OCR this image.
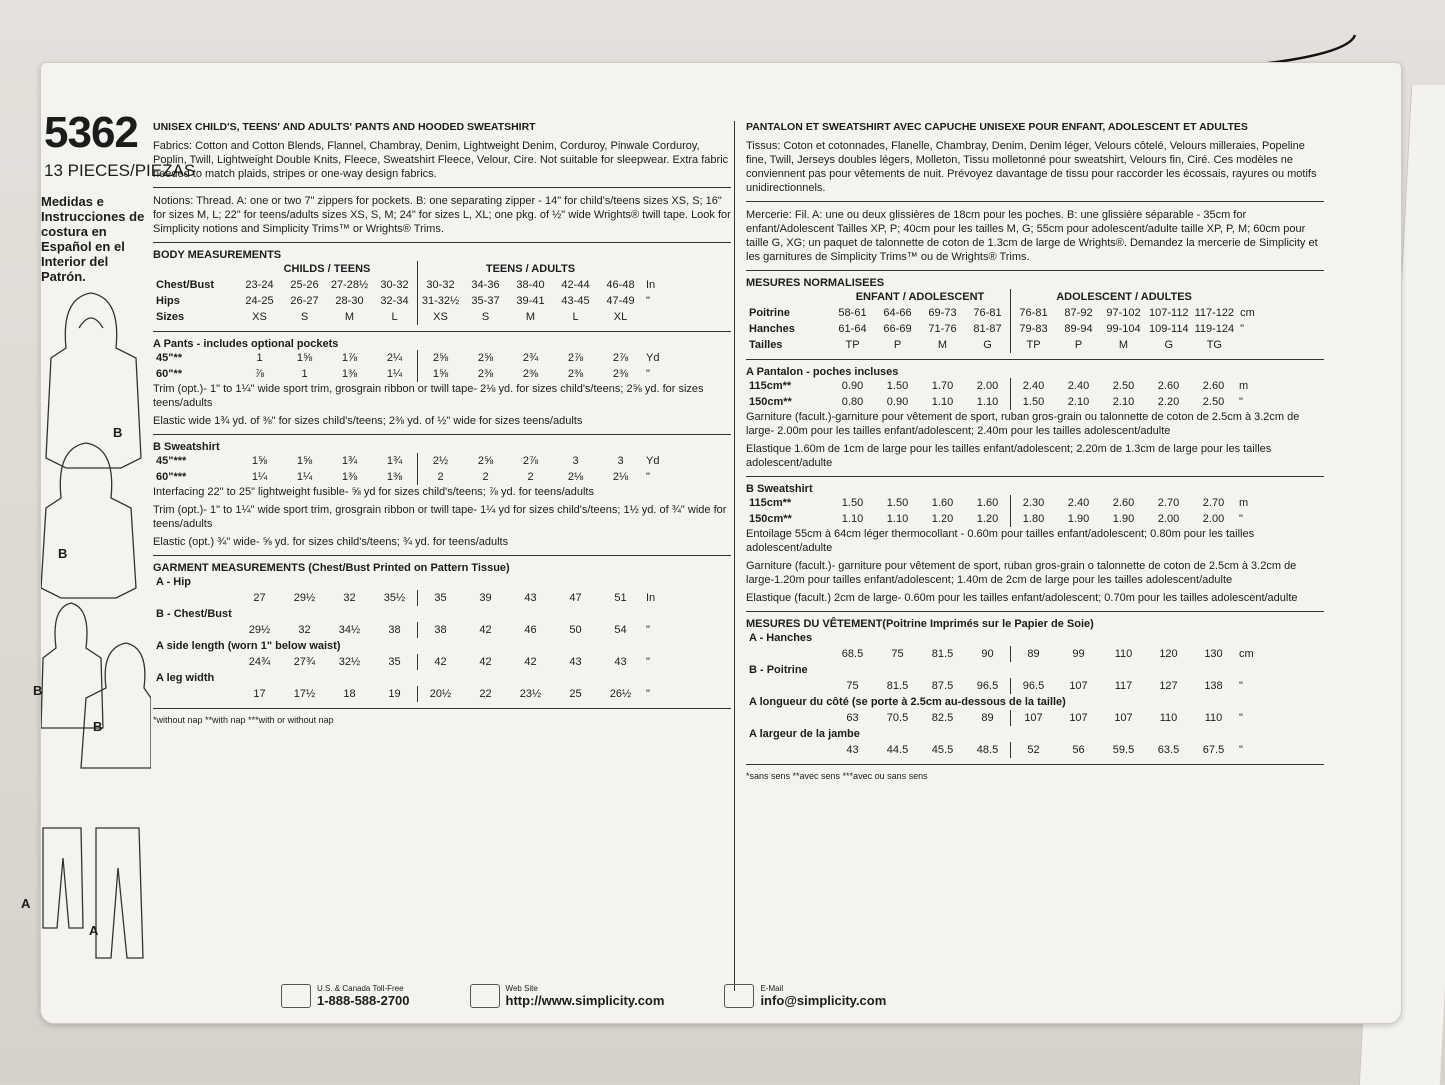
5362
13 PIECES/PIEZAS
Medidas e Instrucciones de costura en Español en el Interior del Patrón.
B
B
B
B
A
A
UNISEX CHILD'S, TEENS' AND ADULTS' PANTS AND HOODED SWEATSHIRT

Fabrics: Cotton and Cotton Blends, Flannel, Chambray, Denim, Lightweight Denim, Corduroy, Pinwale Corduroy, Poplin, Twill, Lightweight Double Knits, Fleece, Sweatshirt Fleece, Velour, Cire. Not suitable for sleepwear. Extra fabric needed to match plaids, stripes or one-way design fabrics.

Notions: Thread. A: one or two 7" zippers for pockets. B: one separating zipper - 14" for child's/teens sizes XS, S; 16" for sizes M, L; 22" for teens/adults sizes XS, S, M; 24" for sizes L, XL; one pkg. of ½" wide Wrights® twill tape. Look for Simplicity notions and Simplicity Trims™ or Wrights® Trims.

BODY MEASUREMENTS
	CHILDS / TEENS				TEENS / ADULTS					
Chest/Bust	23-24	25-26	27-28½	30-32	30-32	34-36	38-40	42-44	46-48	In
Hips	24-25	26-27	28-30	32-34	31-32½	35-37	39-41	43-45	47-49	"
Sizes	XS	S	M	L	XS	S	M	L	XL	
A Pants - includes optional pockets
45"**	1	1⅝	1⅞	2¼	2⅝	2⅝	2¾	2⅞	2⅞	Yd
60"**	⅞	1	1⅜	1¼	1⅝	2⅜	2⅜	2⅜	2⅜	"

Trim (opt.)- 1" to 1¼" wide sport trim, grosgrain ribbon or twill tape- 2⅛ yd. for sizes child's/teens; 2⅝ yd. for sizes teens/adults

Elastic wide 1¾ yd. of ⅜" for sizes child's/teens; 2⅜ yd. of ½" wide for sizes teens/adults

B Sweatshirt
45"***	1⅝	1⅝	1¾	1¾	2½	2⅝	2⅞	3	3	Yd
60"***	1¼	1¼	1⅜	1⅜	2	2	2	2⅛	2⅛	"

Interfacing 22" to 25" lightweight fusible- ⅝ yd for sizes child's/teens; ⅞ yd. for teens/adults

Trim (opt.)- 1" to 1¼" wide sport trim, grosgrain ribbon or twill tape- 1¼ yd for sizes child's/teens; 1½ yd. of ¾" wide for teens/adults

Elastic (opt.) ¾" wide- ⅝ yd. for sizes child's/teens; ¾ yd. for teens/adults

GARMENT MEASUREMENTS (Chest/Bust Printed on Pattern Tissue)
A - Hip										
	27	29½	32	35½	35	39	43	47	51	In
B - Chest/Bust										
	29½	32	34½	38	38	42	46	50	54	"
A side length (worn 1" below waist)										
	24¾	27¾	32½	35	42	42	42	43	43	"
A leg width										
	17	17½	18	19	20½	22	23½	25	26½	"
*without nap **with nap ***with or without nap
PANTALON ET SWEATSHIRT AVEC CAPUCHE UNISEXE POUR ENFANT, ADOLESCENT ET ADULTES

Tissus: Coton et cotonnades, Flanelle, Chambray, Denim, Denim léger, Velours côtelé, Velours milleraies, Popeline fine, Twill, Jerseys doubles légers, Molleton, Tissu molletonné pour sweatshirt, Velours fin, Ciré. Ces modèles ne conviennent pas pour vêtements de nuit. Prévoyez davantage de tissu pour raccorder les écossais, rayures ou motifs unidirectionnels.

Mercerie: Fil. A: une ou deux glissières de 18cm pour les poches. B: une glissière séparable - 35cm for enfant/Adolescent Tailles XP, P; 40cm pour les tailles M, G; 55cm pour adolescent/adulte taille XP, P, M; 60cm pour taille G, XG; un paquet de talonnette de coton de 1.3cm de large de Wrights®. Demandez la mercerie de Simplicity et les garnitures de Simplicity Trims™ ou de Wrights® Trims.

MESURES NORMALISEES
	ENFANT / ADOLESCENT				ADOLESCENT / ADULTES					
Poitrine	58-61	64-66	69-73	76-81	76-81	87-92	97-102	107-112	117-122	cm
Hanches	61-64	66-69	71-76	81-87	79-83	89-94	99-104	109-114	119-124	"
Tailles	TP	P	M	G	TP	P	M	G	TG	
A Pantalon - poches incluses
115cm**	0.90	1.50	1.70	2.00	2.40	2.40	2.50	2.60	2.60	m
150cm**	0.80	0.90	1.10	1.10	1.50	2.10	2.10	2.20	2.50	"

Garniture (facult.)-garniture pour vêtement de sport, ruban gros-grain ou talonnette de coton de 2.5cm à 3.2cm de large- 2.00m pour les tailles enfant/adolescent; 2.40m pour les tailles adolescent/adulte

Elastique 1.60m de 1cm de large pour les tailles enfant/adolescent; 2.20m de 1.3cm de large pour les tailles adolescent/adulte

B Sweatshirt
115cm**	1.50	1.50	1.60	1.60	2.30	2.40	2.60	2.70	2.70	m
150cm**	1.10	1.10	1.20	1.20	1.80	1.90	1.90	2.00	2.00	"

Entoilage 55cm à 64cm léger thermocollant - 0.60m pour tailles enfant/adolescent; 0.80m pour les tailles adolescent/adulte

Garniture (facult.)- garniture pour vêtement de sport, ruban gros-grain o talonnette de coton de 2.5cm à 3.2cm de large-1.20m pour tailles enfant/adolescent; 1.40m de 2cm de large pour les tailles adolescent/adulte

Elastique (facult.) 2cm de large- 0.60m pour les tailles enfant/adolescent; 0.70m pour les tailles adolescent/adulte

MESURES DU VÊTEMENT(Poitrine Imprimés sur le Papier de Soie)
A - Hanches										
	68.5	75	81.5	90	89	99	110	120	130	cm
B - Poitrine										
	75	81.5	87.5	96.5	96.5	107	117	127	138	"
A longueur du côté (se porte à 2.5cm au-dessous de la taille)										
	63	70.5	82.5	89	107	107	107	110	110	"
A largeur de la jambe										
	43	44.5	45.5	48.5	52	56	59.5	63.5	67.5	"
*sans sens **avec sens ***avec ou sans sens
U.S. & Canada Toll-Free
1-888-588-2700
Web Site
http://www.simplicity.com
E-Mail
info@simplicity.com
